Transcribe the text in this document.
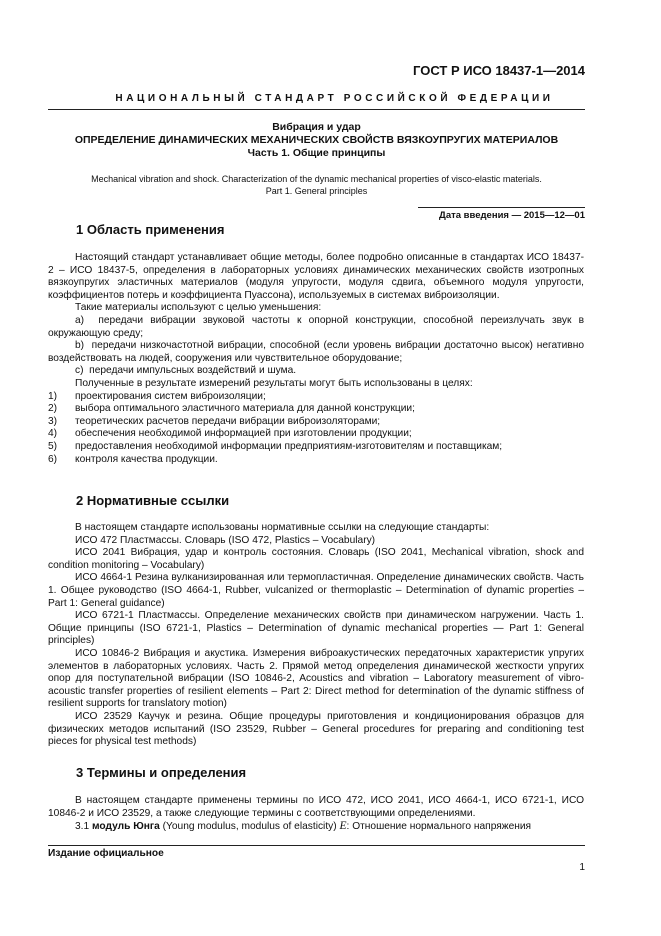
ГОСТ Р ИСО 18437-1—2014
НАЦИОНАЛЬНЫЙ СТАНДАРТ РОССИЙСКОЙ ФЕДЕРАЦИИ
Вибрация и удар
ОПРЕДЕЛЕНИЕ ДИНАМИЧЕСКИХ МЕХАНИЧЕСКИХ СВОЙСТВ ВЯЗКОУПРУГИХ МАТЕРИАЛОВ
Часть 1. Общие принципы
Mechanical vibration and shock. Characterization of the dynamic mechanical properties of visco-elastic materials.
Part 1. General principles
Дата введения — 2015—12—01
1 Область применения

Настоящий стандарт устанавливает общие методы, более подробно описанные в стандартах ИСО 18437-2 – ИСО 18437-5, определения в лабораторных условиях динамических механических свойств изотропных вязкоупругих эластичных материалов (модуля упругости, модуля сдвига, объемного модуля упругости, коэффициентов потерь и коэффициента Пуассона), используемых в системах виброизоляции.

Такие материалы используют с целью уменьшения:

a) передачи вибрации звуковой частоты к опорной конструкции, способной переизлучать звук в окружающую среду;

b) передачи низкочастотной вибрации, способной (если уровень вибрации достаточно высок) негативно воздействовать на людей, сооружения или чувствительное оборудование;

c) передачи импульсных воздействий и шума.

Полученные в результате измерений результаты могут быть использованы в целях:

1)	проектирования систем виброизоляции;
2)	выбора оптимального эластичного материала для данной конструкции;
3)	теоретических расчетов передачи вибрации виброизоляторами;
4)	обеспечения необходимой информацией при изготовлении продукции;
5)	предоставления необходимой информации предприятиям-изготовителям и поставщикам;
6)	контроля качества продукции.
2 Нормативные ссылки

В настоящем стандарте использованы нормативные ссылки на следующие стандарты:

ИСО 472 Пластмассы. Словарь (ISO 472, Plastics – Vocabulary)

ИСО 2041 Вибрация, удар и контроль состояния. Словарь (ISO 2041, Mechanical vibration, shock and condition monitoring – Vocabulary)

ИСО 4664-1 Резина вулканизированная или термопластичная. Определение динамических свойств. Часть 1. Общее руководство (ISO 4664-1, Rubber, vulcanized or thermoplastic – Determination of dynamic properties – Part 1: General guidance)

ИСО 6721-1 Пластмассы. Определение механических свойств при динамическом нагружении. Часть 1. Общие принципы (ISO 6721-1, Plastics – Determination of dynamic mechanical properties — Part 1: General principles)

ИСО 10846-2 Вибрация и акустика. Измерения виброакустических передаточных характеристик упругих элементов в лабораторных условиях. Часть 2. Прямой метод определения динамической жесткости упругих опор для поступательной вибрации (ISO 10846-2, Acoustics and vibration – Laboratory measurement of vibro-acoustic transfer properties of resilient elements – Part 2: Direct method for determination of the dynamic stiffness of resilient supports for translatory motion)

ИСО 23529 Каучук и резина. Общие процедуры приготовления и кондиционирования образцов для физических методов испытаний (ISO 23529, Rubber – General procedures for preparing and conditioning test pieces for physical test methods)

3 Термины и определения

В настоящем стандарте применены термины по ИСО 472, ИСО 2041, ИСО 4664-1, ИСО 6721-1, ИСО 10846-2 и ИСО 23529, а также следующие термины с соответствующими определениями.

3.1 модуль Юнга (Young modulus, modulus of elasticity) E: Отношение нормального напряжения

Издание официальное
1
